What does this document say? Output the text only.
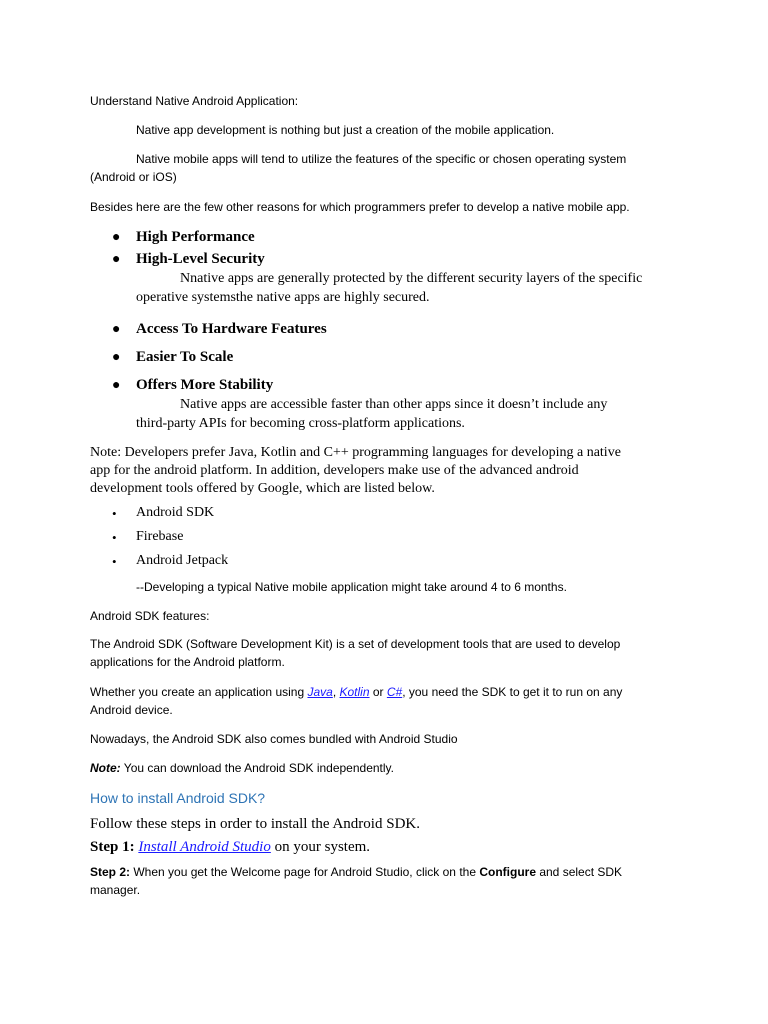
Understand Native Android Application:
Native app development is nothing but just a creation of the mobile application.
Native mobile apps will tend to utilize the features of the specific or chosen operating system
(Android or iOS)
Besides here are the few other reasons for which programmers prefer to develop a native mobile app.
● High Performance
● High-Level Security
Nnative apps are generally protected by the different security layers of the specific
operative systemsthe native apps are highly secured.
● Access To Hardware Features
● Easier To Scale
● Offers More Stability
Native apps are accessible faster than other apps since it doesn’t include any
third-party APIs for becoming cross-platform applications.
Note: Developers prefer Java, Kotlin and C++ programming languages for developing a native
app for the android platform. In addition, developers make use of the advanced android
development tools offered by Google, which are listed below.
• Android SDK
• Firebase
• Android Jetpack
--Developing a typical Native mobile application might take around 4 to 6 months.
Android SDK features:
The Android SDK (Software Development Kit) is a set of development tools that are used to develop
applications for the Android platform.
Whether you create an application using Java, Kotlin or C#, you need the SDK to get it to run on any
Android device.
Nowadays, the Android SDK also comes bundled with Android Studio
Note: You can download the Android SDK independently.
How to install Android SDK?
Follow these steps in order to install the Android SDK.
Step 1: Install Android Studio on your system.
Step 2: When you get the Welcome page for Android Studio, click on the Configure and select SDK
manager.
